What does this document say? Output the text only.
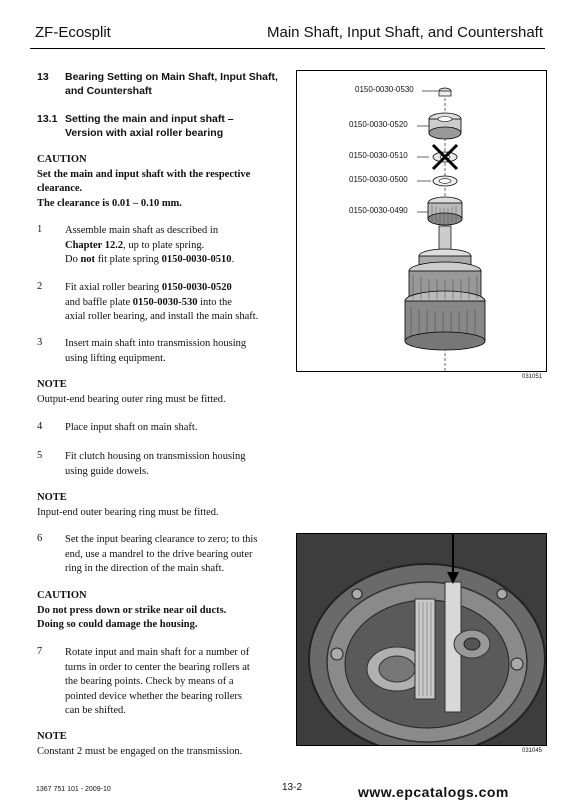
ZF-Ecosplit	Main Shaft, Input Shaft, and Countershaft
13 Bearing Setting on Main Shaft, Input Shaft,
and Countershaft
13.1 Setting the main and input shaft –
Version with axial roller bearing
CAUTION
Set the main and input shaft with the respective
clearance.
The clearance is 0.01 – 0.10 mm.
1 Assemble main shaft as described in
Chapter 12.2, up to plate spring.
Do not fit plate spring 0150-0030-0510.
2 Fit axial roller bearing 0150-0030-0520
and baffle plate 0150-0030-530 into the
axial roller bearing, and install the main shaft.
3 Insert main shaft into transmission housing
using lifting equipment.
NOTE
Output-end bearing outer ring must be fitted.
4 Place input shaft on main shaft.
5 Fit clutch housing on transmission housing
using guide dowels.
NOTE
Input-end outer bearing ring must be fitted.
6 Set the input bearing clearance to zero; to this
end, use a mandrel to the drive bearing outer
ring in the direction of the main shaft.
CAUTION
Do not press down or strike near oil ducts.
Doing so could damage the housing.
7 Rotate input and main shaft for a number of
turns in order to center the bearing rollers at
the bearing points. Check by means of a
pointed device whether the bearing rollers
can be shifted.
NOTE
Constant 2 must be engaged on the transmission.
0150-0030-0530
0150-0030-0520
0150-0030-0510
0150-0030-0500
0150-0030-0490
031051
031045
1367 751 101 - 2009-10	13-2	www.epcatalogs.com
